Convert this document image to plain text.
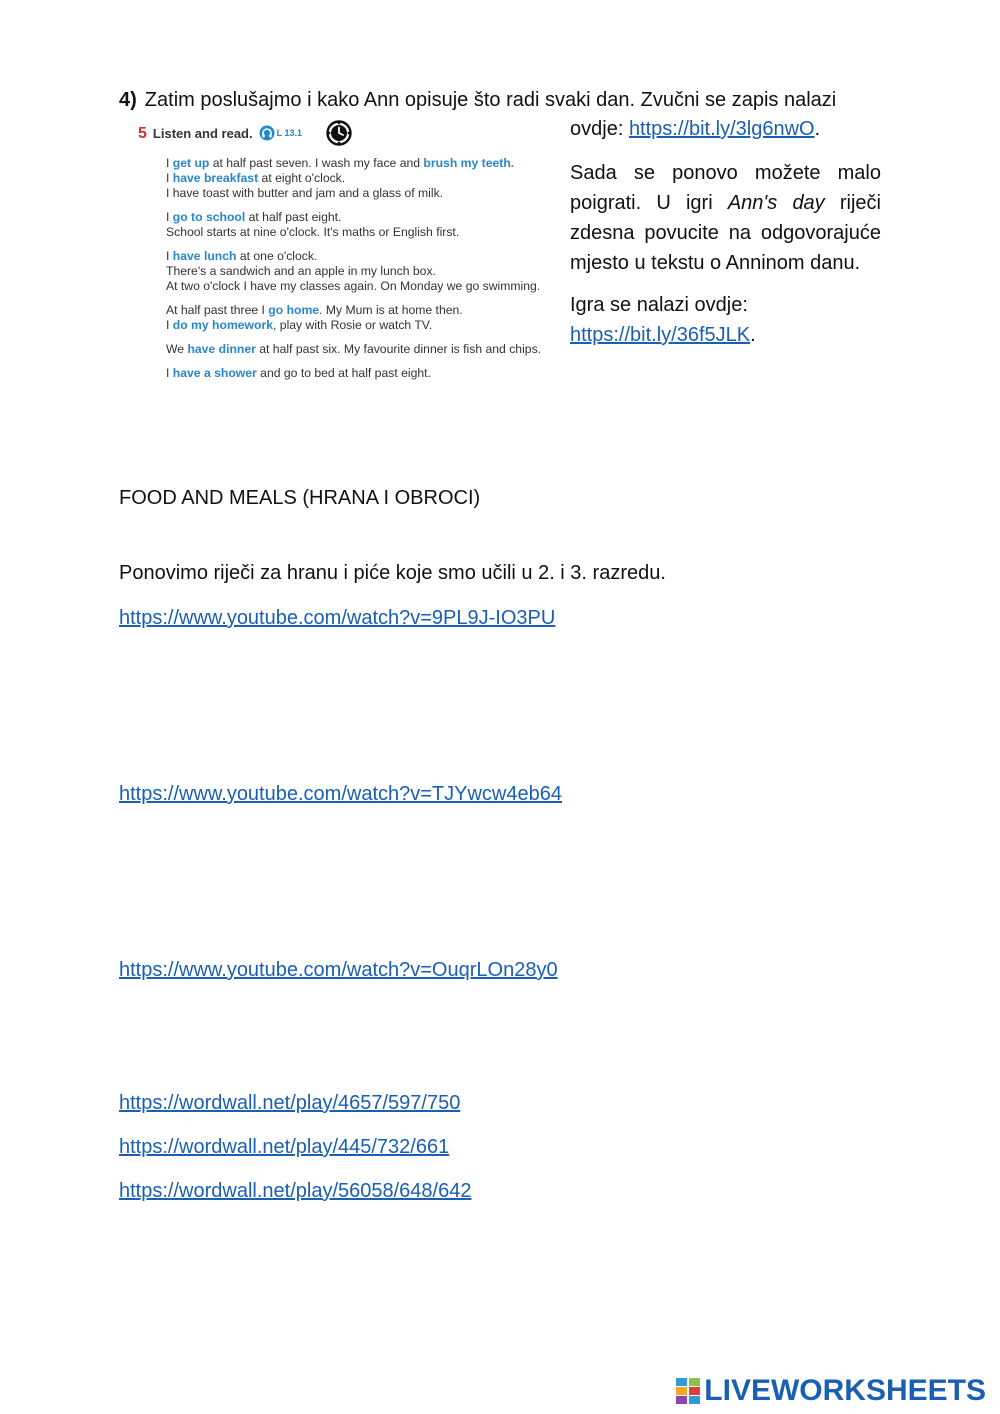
4) Zatim poslušajmo i kako Ann opisuje što radi svaki dan. Zvučni se zapis nalazi
5 Listen and read.	L 13.1
I get up at half past seven. I wash my face and brush my teeth.
I have breakfast at eight o'clock.
I have toast with butter and jam and a glass of milk.
I go to school at half past eight.
School starts at nine o'clock. It's maths or English first.
I have lunch at one o'clock.
There's a sandwich and an apple in my lunch box.
At two o'clock I have my classes again. On Monday we go swimming.
At half past three I go home. My Mum is at home then.
I do my homework, play with Rosie or watch TV.
We have dinner at half past six. My favourite dinner is fish and chips.
I have a shower and go to bed at half past eight.

ovdje: https://bit.ly/3lg6nwO.

Sada se ponovo možete malo poigrati. U igri Ann's day riječi zdesna povucite na odgovorajuće mjesto u tekstu o Anninom danu.

Igra se nalazi ovdje: https://bit.ly/36f5JLK.

FOOD AND MEALS (HRANA I OBROCI)
Ponovimo riječi za hranu i piće koje smo učili u 2. i 3. razredu.
https://www.youtube.com/watch?v=9PL9J-IO3PU
https://www.youtube.com/watch?v=TJYwcw4eb64
https://www.youtube.com/watch?v=OuqrLOn28y0
https://wordwall.net/play/4657/597/750
https://wordwall.net/play/445/732/661
https://wordwall.net/play/56058/648/642
LIVEWORKSHEETS
